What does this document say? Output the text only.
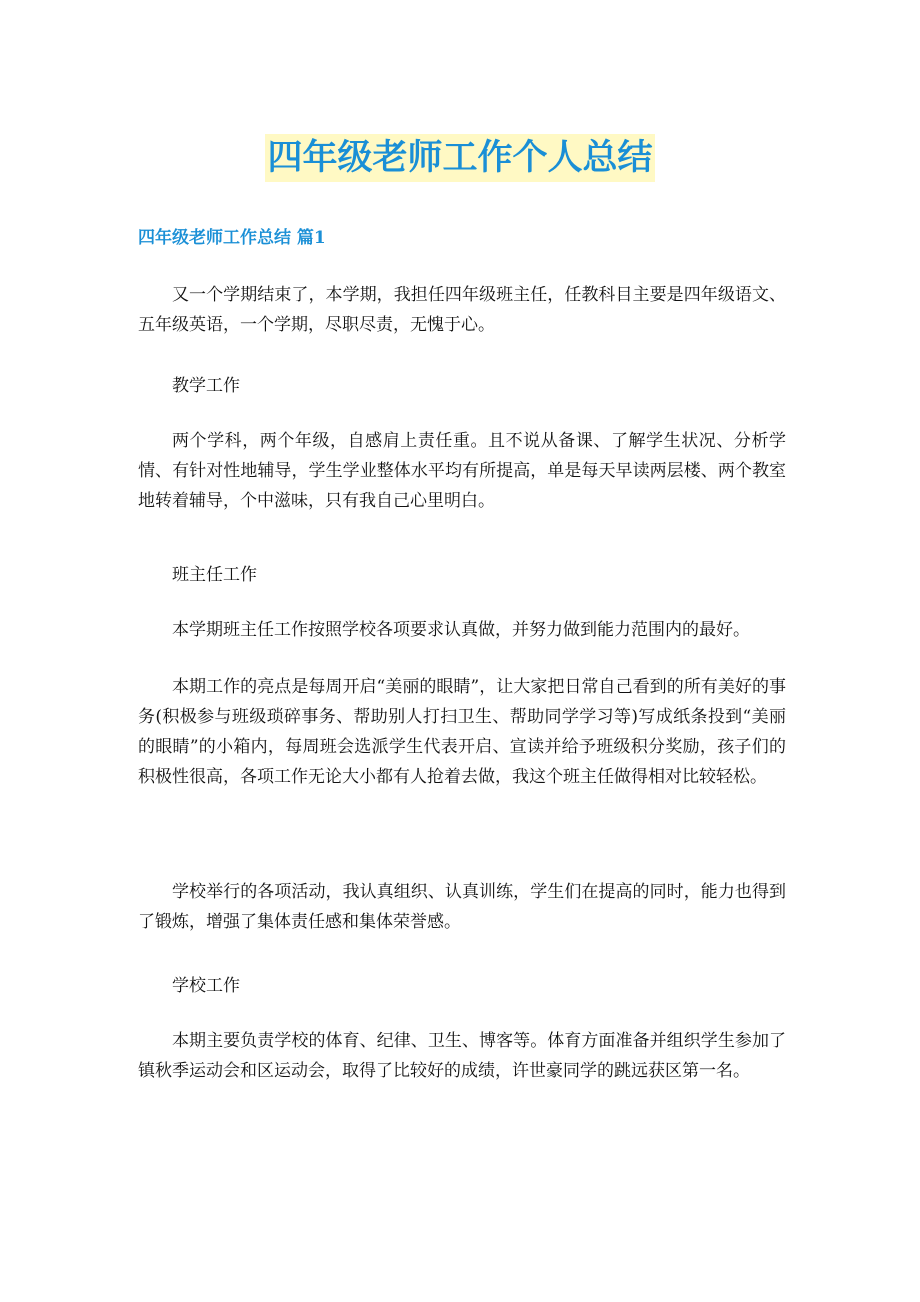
四年级老师工作个人总结
四年级老师工作总结 篇1

又一个学期结束了，本学期，我担任四年级班主任，任教科目主要是四年级语文、五年级英语，一个学期，尽职尽责，无愧于心。

教学工作

两个学科，两个年级，自感肩上责任重。且不说从备课、了解学生状况、分析学情、有针对性地辅导，学生学业整体水平均有所提高，单是每天早读两层楼、两个教室地转着辅导，个中滋味，只有我自己心里明白。

班主任工作

本学期班主任工作按照学校各项要求认真做，并努力做到能力范围内的最好。

本期工作的亮点是每周开启“美丽的眼睛”，让大家把日常自己看到的所有美好的事务(积极参与班级琐碎事务、帮助别人打扫卫生、帮助同学学习等)写成纸条投到“美丽的眼睛”的小箱内，每周班会选派学生代表开启、宣读并给予班级积分奖励，孩子们的积极性很高，各项工作无论大小都有人抢着去做，我这个班主任做得相对比较轻松。

学校举行的各项活动，我认真组织、认真训练，学生们在提高的同时，能力也得到了锻炼，增强了集体责任感和集体荣誉感。

学校工作

本期主要负责学校的体育、纪律、卫生、博客等。体育方面准备并组织学生参加了镇秋季运动会和区运动会，取得了比较好的成绩，许世豪同学的跳远获区第一名。
